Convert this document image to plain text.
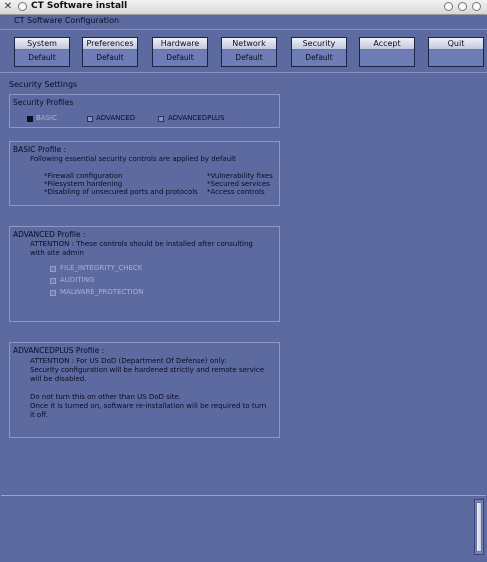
✕ CT Software install
CT Software Configuration
System
Default
Preferences
Default
Hardware
Default
Network
Default
Security
Default
Accept	Quit
Security Settings
Security Profiles
BASIC	ADVANCED	ADVANCEDPLUS
BASIC Profile :
Following essential security controls are applied by default
*Firewall configuration
*Filesystem hardening
*Disabling of unsecured ports and protocols
*Vulnerability fixes
*Secured services
*Access controls
ADVANCED Profile :
ATTENTION : These controls should be installed after consulting
with site admin
FILE_INTEGRITY_CHECK
AUDITING
MALWARE_PROTECTION
ADVANCEDPLUS Profile :
ATTENTION : For US DoD (Department Of Defense) only:
Security configuration will be hardened strictly and remote service
will be disabled.
Do not turn this on other than US DoD site.
Once it is turned on, software re-installation will be required to turn
it off.
